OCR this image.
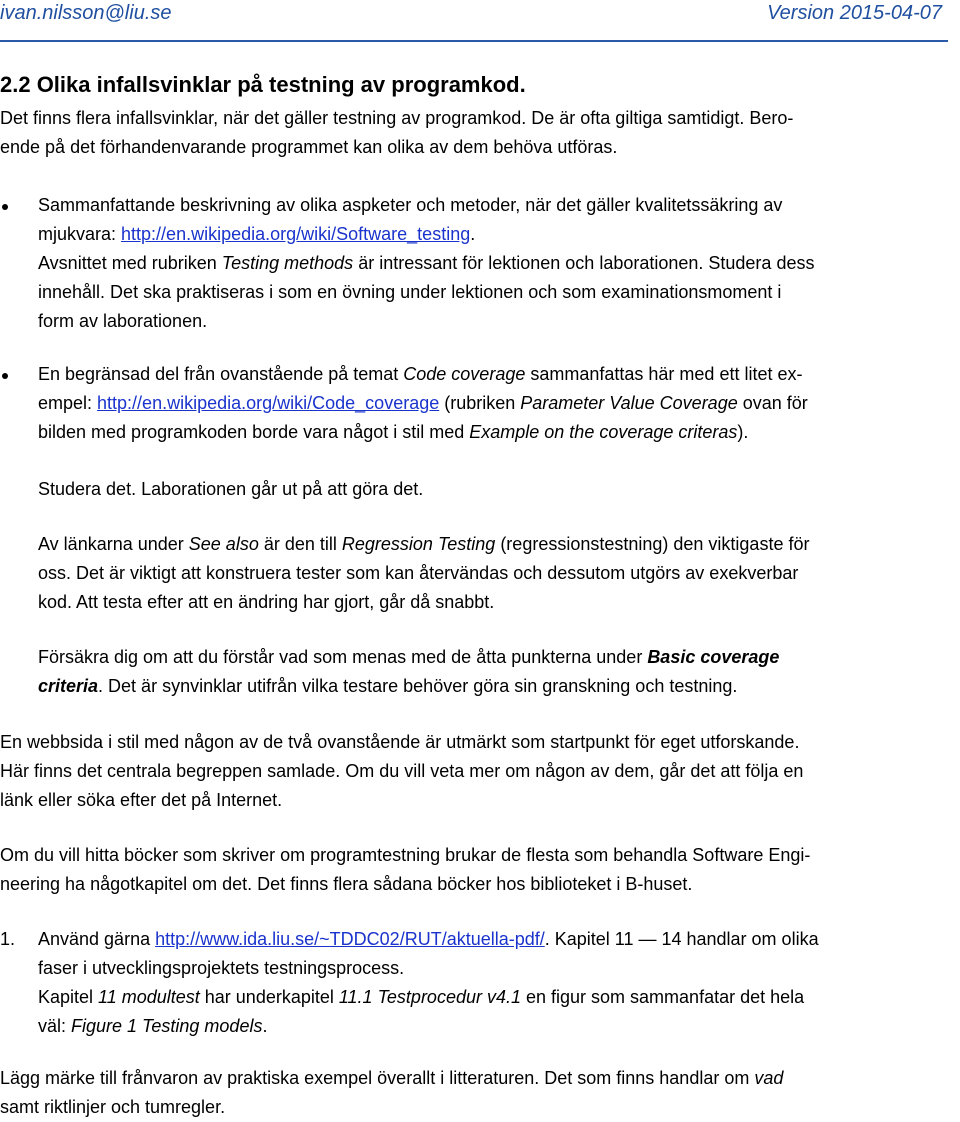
ivan.nilsson@liu.se	Version 2015-04-07
2.2 Olika infallsvinklar på testning av programkod.

Det finns flera infallsvinklar, när det gäller testning av programkod. De är ofta giltiga samtidigt. Bero-

ende på det förhandenvarande programmet kan olika av dem behöva utföras.

Sammanfattande beskrivning av olika aspketer och metoder, när det gäller kvalitetssäkring av

mjukvara: http://en.wikipedia.org/wiki/Software_testing.

Avsnittet med rubriken Testing methods är intressant för lektionen och laborationen. Studera dess

innehåll. Det ska praktiseras i som en övning under lektionen och som examinationsmoment i

form av laborationen.

En begränsad del från ovanstående på temat Code coverage sammanfattas här med ett litet ex-

empel: http://en.wikipedia.org/wiki/Code_coverage (rubriken Parameter Value Coverage ovan för

bilden med programkoden borde vara något i stil med Example on the coverage criteras).

Studera det. Laborationen går ut på att göra det.

Av länkarna under See also är den till Regression Testing (regressionstestning) den viktigaste för

oss. Det är viktigt att konstruera tester som kan återvändas och dessutom utgörs av exekverbar

kod. Att testa efter att en ändring har gjort, går då snabbt.

Försäkra dig om att du förstår vad som menas med de åtta punkterna under Basic coverage

criteria. Det är synvinklar utifrån vilka testare behöver göra sin granskning och testning.

En webbsida i stil med någon av de två ovanstående är utmärkt som startpunkt för eget utforskande.

Här finns det centrala begreppen samlade. Om du vill veta mer om någon av dem, går det att följa en

länk eller söka efter det på Internet.

Om du vill hitta böcker som skriver om programtestning brukar de flesta som behandla Software Engi-

neering ha någotkapitel om det. Det finns flera sådana böcker hos biblioteket i B-huset.

1. Använd gärna http://www.ida.liu.se/~TDDC02/RUT/aktuella-pdf/. Kapitel 11 — 14 handlar om olika

faser i utvecklingsprojektets testningsprocess.

Kapitel 11 modultest har underkapitel 11.1 Testprocedur v4.1 en figur som sammanfatar det hela

väl: Figure 1 Testing models.

Lägg märke till frånvaron av praktiska exempel överallt i litteraturen. Det som finns handlar om vad

samt riktlinjer och tumregler.
